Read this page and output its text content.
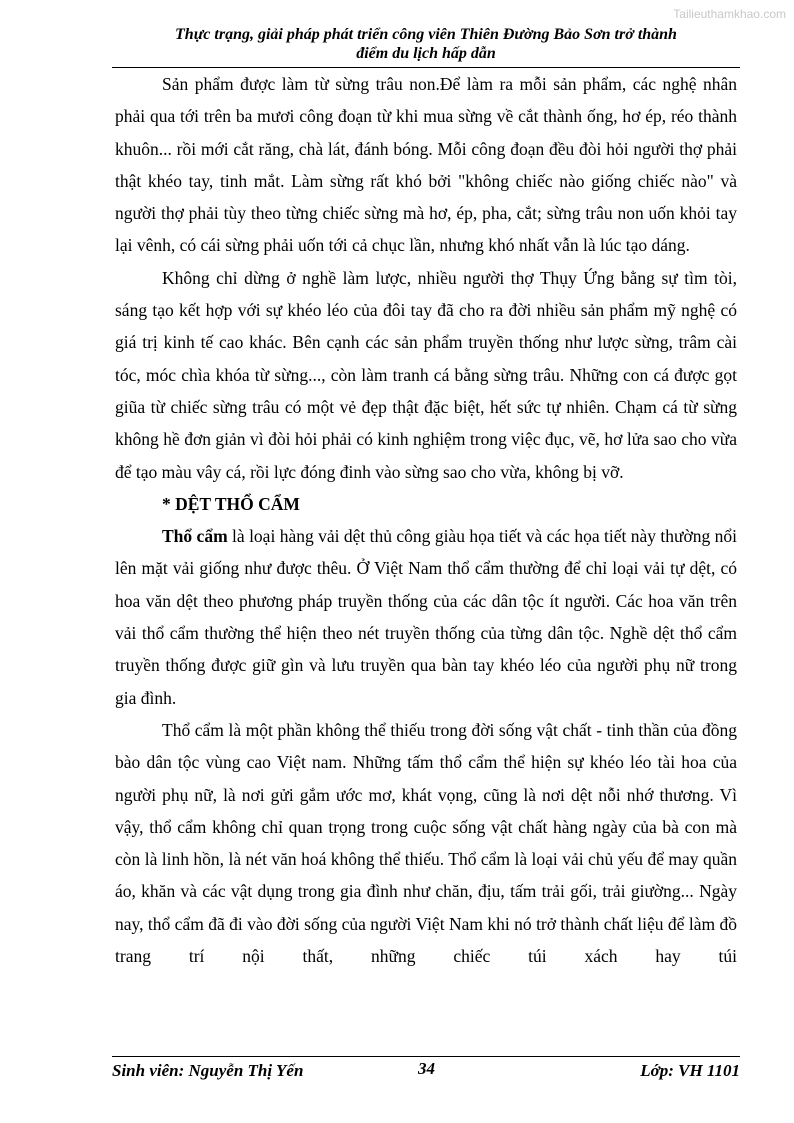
Tailieuthamkhao.com
Thực trạng, giải pháp phát triển công viên Thiên Đường Bảo Sơn trở thành
điểm du lịch hấp dẫn

Sản phẩm được làm từ sừng trâu non.Để làm ra mỗi sản phẩm, các nghệ nhân phải qua tới trên ba mươi công đoạn từ khi mua sừng về cắt thành ống, hơ ép, réo thành khuôn... rồi mới cắt răng, chà lát, đánh bóng. Mỗi công đoạn đều đòi hỏi người thợ phải thật khéo tay, tinh mắt. Làm sừng rất khó bởi "không chiếc nào giống chiếc nào" và người thợ phải tùy theo từng chiếc sừng mà hơ, ép, pha, cắt; sừng trâu non uốn khỏi tay lại vênh, có cái sừng phải uốn tới cả chục lần, nhưng khó nhất vẫn là lúc tạo dáng.

Không chỉ dừng ở nghề làm lược, nhiều người thợ Thụy Ứng bằng sự tìm tòi, sáng tạo kết hợp với sự khéo léo của đôi tay đã cho ra đời nhiều sản phẩm mỹ nghệ có giá trị kinh tế cao khác. Bên cạnh các sản phẩm truyền thống như lược sừng, trâm cài tóc, móc chìa khóa từ sừng..., còn làm tranh cá bằng sừng trâu. Những con cá được gọt giũa từ chiếc sừng trâu có một vẻ đẹp thật đặc biệt, hết sức tự nhiên. Chạm cá từ sừng không hề đơn giản vì đòi hỏi phải có kinh nghiệm trong việc đục, vẽ, hơ lửa sao cho vừa để tạo màu vây cá, rồi lực đóng đinh vào sừng sao cho vừa, không bị vỡ.

* DỆT THỔ CẨM

Thổ cẩm là loại hàng vải dệt thủ công giàu họa tiết và các họa tiết này thường nổi lên mặt vải giống như được thêu. Ở Việt Nam thổ cẩm thường để chỉ loại vải tự dệt, có hoa văn dệt theo phương pháp truyền thống của các dân tộc ít người. Các hoa văn trên vải thổ cẩm thường thể hiện theo nét truyền thống của từng dân tộc. Nghề dệt thổ cẩm truyền thống được giữ gìn và lưu truyền qua bàn tay khéo léo của người phụ nữ trong gia đình.

Thổ cẩm là một phần không thể thiếu trong đời sống vật chất - tinh thần của đồng bào dân tộc vùng cao Việt nam. Những tấm thổ cẩm thể hiện sự khéo léo tài hoa của người phụ nữ, là nơi gửi gắm ước mơ, khát vọng, cũng là nơi dệt nỗi nhớ thương. Vì vậy, thổ cẩm không chỉ quan trọng trong cuộc sống vật chất hàng ngày của bà con mà còn là linh hồn, là nét văn hoá không thể thiếu. Thổ cẩm là loại vải chủ yếu để may quần áo, khăn và các vật dụng trong gia đình như chăn, địu, tấm trải gối, trải giường... Ngày nay, thổ cẩm đã đi vào đời sống của người Việt Nam khi nó trở thành chất liệu để làm đồ trang trí nội thất, những chiếc túi xách hay túi

Sinh viên: Nguyễn Thị Yến	34	Lớp: VH 1101
